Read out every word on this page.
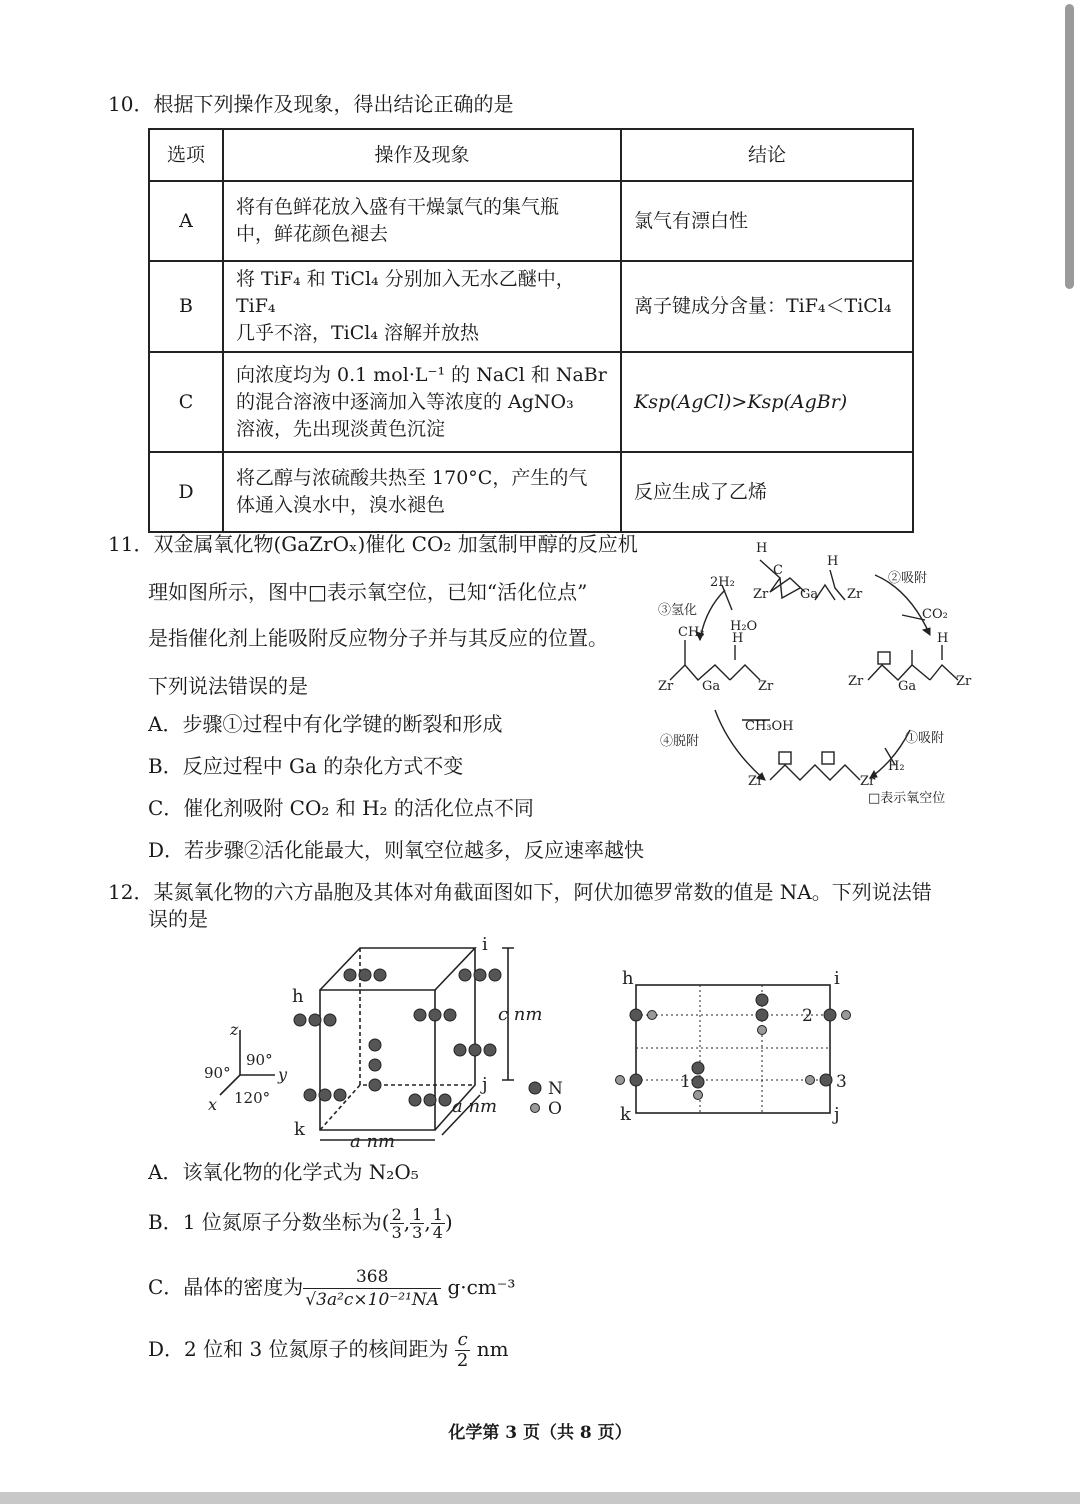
10．根据下列操作及现象，得出结论正确的是
选项	操作及现象	结论
A	将有色鲜花放入盛有干燥氯气的集气瓶
中，鲜花颜色褪去	氯气有漂白性
B	将 TiF₄ 和 TiCl₄ 分别加入无水乙醚中，TiF₄
几乎不溶，TiCl₄ 溶解并放热	离子键成分含量：TiF₄＜TiCl₄
C	向浓度均为 0.1 mol·L⁻¹ 的 NaCl 和 NaBr
的混合溶液中逐滴加入等浓度的 AgNO₃
溶液，先出现淡黄色沉淀	Ksp(AgCl)>Ksp(AgBr)
D	将乙醇与浓硫酸共热至 170°C，产生的气
体通入溴水中，溴水褪色	反应生成了乙烯
11．双金属氧化物(GaZrOₓ)催化 CO₂ 加氢制甲醇的反应机
理如图所示，图中□表示氧空位，已知“活化位点”
是指催化剂上能吸附反应物分子并与其反应的位置。
下列说法错误的是
A．步骤①过程中有化学键的断裂和形成
B．反应过程中 Ga 的杂化方式不变
C．催化剂吸附 CO₂ 和 H₂ 的活化位点不同
D．若步骤②活化能最大，则氧空位越多，反应速率越快
H
C
Zr Ga
H
Zr
2H₂
H₂O
③氢化
②吸附
CO₂
CH₃ H
Zr Ga	Zr	Zr	Ga
H
Zr
④脱附
CH₃OH
①吸附
H₂
Zr	Zr
□表示氧空位
12．某氮氧化物的六方晶胞及其体对角截面图如下，阿伏加德罗常数的值是 NA。下列说法错
误的是
h
i
j
k
c nm
a nm
a nm
z
y
x
90°
90°
120°	N
O
h	i
k	j
1
2
3
A．该氧化物的化学式为 N₂O₅
B．1 位氮原子分数坐标为( $\frac{2}{3}$ , $\frac{1}{3}$ , $\frac{1}{4}$ )
C．晶体的密度为 $\frac{368}{\text{√3a²c×10⁻²¹NA}} g\cdot cm^{-3}$
D．2 位和 3 位氮原子的核间距为 $\frac{c}{2}$ nm
化学第 3 页（共 8 页）
